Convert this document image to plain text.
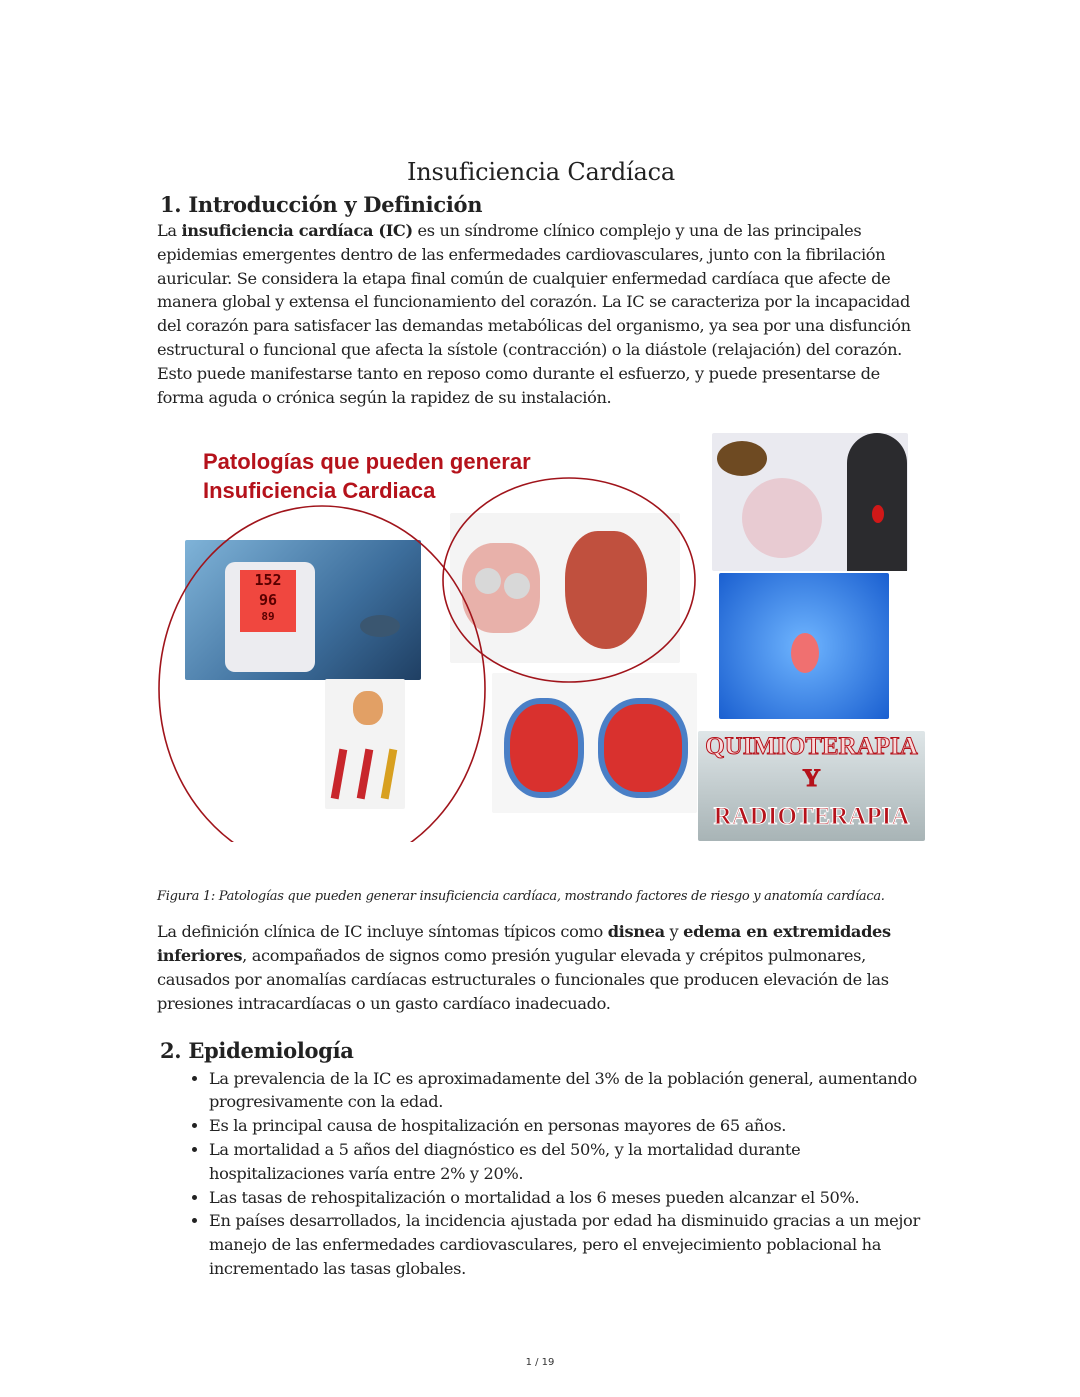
Insuficiencia Cardíaca
1. Introducción y Definición

La insuficiencia cardíaca (IC) es un síndrome clínico complejo y una de las principales epidemias emergentes dentro de las enfermedades cardiovasculares, junto con la fibrilación auricular. Se considera la etapa final común de cualquier enfermedad cardíaca que afecte de manera global y extensa el funcionamiento del corazón. La IC se caracteriza por la incapacidad del corazón para satisfacer las demandas metabólicas del organismo, ya sea por una disfunción estructural o funcional que afecta la sístole (contracción) o la diástole (relajación) del corazón. Esto puede manifestarse tanto en reposo como durante el esfuerzo, y puede presentarse de forma aguda o crónica según la rapidez de su instalación.

152
96
89
QUIMIOTERAPIA
Y
RADIOTERAPIA
Patologías que pueden generar
Insuficiencia Cardiaca
Figura 1: Patologías que pueden generar insuficiencia cardíaca, mostrando factores de riesgo y anatomía cardíaca.

La definición clínica de IC incluye síntomas típicos como disnea y edema en extremidades inferiores, acompañados de signos como presión yugular elevada y crépitos pulmonares, causados por anomalías cardíacas estructurales o funcionales que producen elevación de las presiones intracardíacas o un gasto cardíaco inadecuado.

2. Epidemiología
• La prevalencia de la IC es aproximadamente del 3% de la población general, aumentando progresivamente con la edad.
• Es la principal causa de hospitalización en personas mayores de 65 años.
• La mortalidad a 5 años del diagnóstico es del 50%, y la mortalidad durante hospitalizaciones varía entre 2% y 20%.
• Las tasas de rehospitalización o mortalidad a los 6 meses pueden alcanzar el 50%.
• En países desarrollados, la incidencia ajustada por edad ha disminuido gracias a un mejor manejo de las enfermedades cardiovasculares, pero el envejecimiento poblacional ha incrementado las tasas globales.
1 / 19
